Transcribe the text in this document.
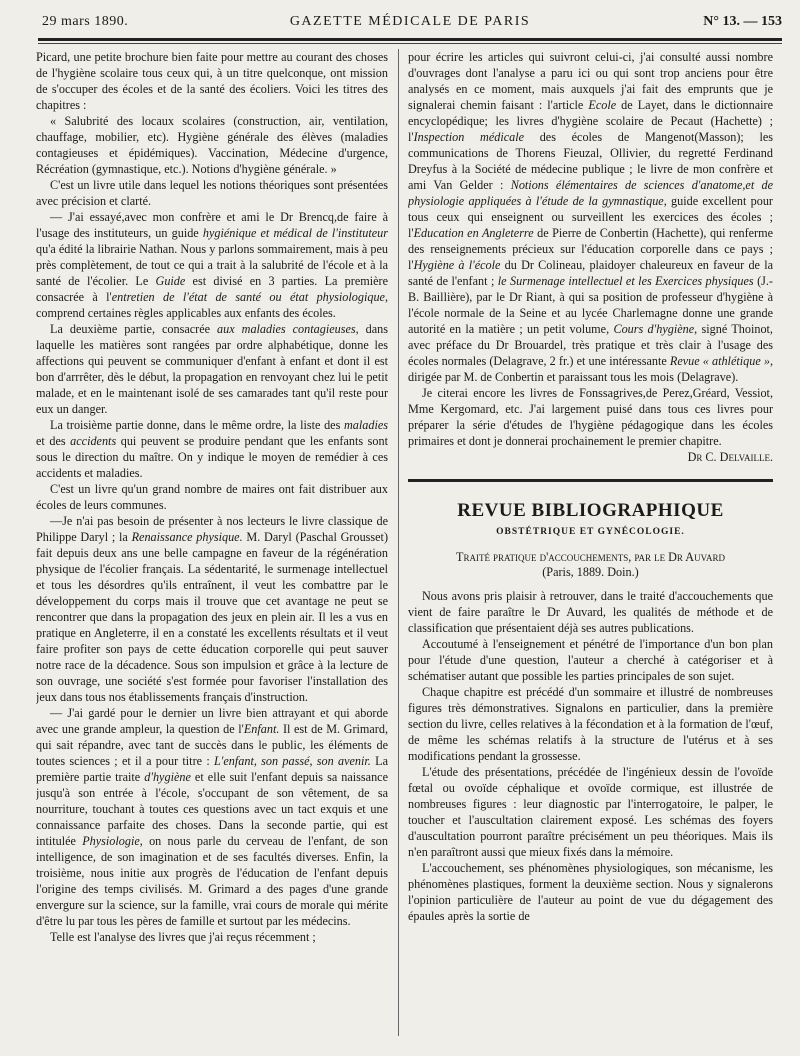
29 mars 1890.	GAZETTE MÉDICALE DE PARIS	N° 13. — 153

Picard, une petite brochure bien faite pour mettre au courant des choses de l'hygiène scolaire tous ceux qui, à un titre quelconque, ont mission de s'occuper des écoles et de la santé des écoliers. Voici les titres des chapitres :

« Salubrité des locaux scolaires (construction, air, ventilation, chauffage, mobilier, etc). Hygiène générale des élèves (maladies contagieuses et épidémiques). Vaccination, Médecine d'urgence, Récréation (gymnastique, etc.). Notions d'hygiène générale. »

C'est un livre utile dans lequel les notions théoriques sont présentées avec précision et clarté.

— J'ai essayé,avec mon confrère et ami le Dr Brencq,de faire à l'usage des instituteurs, un guide hygiénique et médical de l'instituteur qu'a édité la librairie Nathan. Nous y parlons sommairement, mais à peu près complètement, de tout ce qui a trait à la salubrité de l'école et à la santé de l'écolier. Le Guide est divisé en 3 parties. La première consacrée à l'entretien de l'état de santé ou état physiologique, comprend certaines règles applicables aux enfants des écoles.

La deuxième partie, consacrée aux maladies contagieuses, dans laquelle les matières sont rangées par ordre alphabétique, donne les affections qui peuvent se communiquer d'enfant à enfant et dont il est bon d'arrrêter, dès le début, la propagation en renvoyant chez lui le petit malade, et en le maintenant isolé de ses camarades tant qu'il reste pour eux un danger.

La troisième partie donne, dans le même ordre, la liste des maladies et des accidents qui peuvent se produire pendant que les enfants sont sous le direction du maître. On y indique le moyen de remédier à ces accidents et maladies.

C'est un livre qu'un grand nombre de maires ont fait distribuer aux écoles de leurs communes.

—Je n'ai pas besoin de présenter à nos lecteurs le livre classique de Philippe Daryl ; la Renaissance physique. M. Daryl (Paschal Grousset) fait depuis deux ans une belle campagne en faveur de la régénération physique de l'écolier français. La sédentarité, le surmenage intellectuel et tous les désordres qu'ils entraînent, il veut les combattre par le développement du corps mais il trouve que cet avantage ne peut se rencontrer que dans la propagation des jeux en plein air. Il les a vus en pratique en Angleterre, il en a constaté les excellents résultats et il veut faire profiter son pays de cette éducation corporelle qui peut sauver notre race de la décadence. Sous son impulsion et grâce à la lecture de son ouvrage, une société s'est formée pour favoriser l'installation des jeux dans tous nos établissements français d'instruction.

— J'ai gardé pour le dernier un livre bien attrayant et qui aborde avec une grande ampleur, la question de l'Enfant. Il est de M. Grimard, qui sait répandre, avec tant de succès dans le public, les éléments de toutes sciences ; et il a pour titre : L'enfant, son passé, son avenir. La première partie traite d'hygiène et elle suit l'enfant depuis sa naissance jusqu'à son entrée à l'école, s'occupant de son vêtement, de sa nourriture, touchant à toutes ces questions avec un tact exquis et une connaissance parfaite des choses. Dans la seconde partie, qui est intitulée Physiologie, on nous parle du cerveau de l'enfant, de son intelligence, de son imagination et de ses facultés diverses. Enfin, la troisième, nous initie aux progrès de l'éducation de l'enfant depuis l'origine des temps civilisés. M. Grimard a des pages d'une grande envergure sur la science, sur la famille, vrai cours de morale qui mérite d'être lu par tous les pères de famille et surtout par les médecins.

Telle est l'analyse des livres que j'ai reçus récemment ;

pour écrire les articles qui suivront celui-ci, j'ai consulté aussi nombre d'ouvrages dont l'analyse a paru ici ou qui sont trop anciens pour être analysés en ce moment, mais auxquels j'ai fait des emprunts que je signalerai chemin faisant : l'article Ecole de Layet, dans le dictionnaire encyclopédique; les livres d'hygiène scolaire de Pecaut (Hachette) ; l'Inspection médicale des écoles de Mangenot(Masson); les communications de Thorens Fieuzal, Ollivier, du regretté Ferdinand Dreyfus à la Société de médecine publique ; le livre de mon confrère et ami Van Gelder : Notions élémentaires de sciences d'anatome,et de physiologie appliquées à l'étude de la gymnastique, guide excellent pour tous ceux qui enseignent ou surveillent les exercices des écoles ; l'Education en Angleterre de Pierre de Conbertin (Hachette), qui renferme des renseignements précieux sur l'éducation corporelle dans ce pays ; l'Hygiène à l'école du Dr Colineau, plaidoyer chaleureux en faveur de la santé de l'enfant ; le Surmenage intellectuel et les Exercices physiques (J.-B. Baillière), par le Dr Riant, à qui sa position de professeur d'hygiène à l'école normale de la Seine et au lycée Charlemagne donne une grande autorité en la matière ; un petit volume, Cours d'hygiène, signé Thoinot, avec préface du Dr Brouardel, très pratique et très clair à l'usage des écoles normales (Delagrave, 2 fr.) et une intéressante Revue « athlétique », dirigée par M. de Conbertin et paraissant tous les mois (Delagrave).

Je citerai encore les livres de Fonssagrives,de Perez,Gréard, Vessiot, Mme Kergomard, etc. J'ai largement puisé dans tous ces livres pour préparer la série d'études de l'hygiène pédagogique dans les écoles primaires et dont je donnerai prochainement le premier chapitre.

Dr C. Delvaille.

REVUE BIBLIOGRAPHIQUE
OBSTÉTRIQUE ET GYNÉCOLOGIE.
Traité pratique d'accouchements, par le Dr Auvard
(Paris, 1889. Doin.)

Nous avons pris plaisir à retrouver, dans le traité d'accouchements que vient de faire paraître le Dr Auvard, les qualités de méthode et de classification que présentaient déjà ses autres publications.

Accoutumé à l'enseignement et pénétré de l'importance d'un bon plan pour l'étude d'une question, l'auteur a cherché à catégoriser et à schématiser autant que possible les parties principales de son sujet.

Chaque chapitre est précédé d'un sommaire et illustré de nombreuses figures très démonstratives. Signalons en particulier, dans la première section du livre, celles relatives à la fécondation et à la formation de l'œuf, de même les schémas relatifs à la structure de l'utérus et à ses modifications pendant la grossesse.

L'étude des présentations, précédée de l'ingénieux dessin de l'ovoïde fœtal ou ovoïde céphalique et ovoïde cormique, est illustrée de nombreuses figures : leur diagnostic par l'interrogatoire, le palper, le toucher et l'auscultation clairement exposé. Les schémas des foyers d'auscultation pourront paraître précisément un peu théoriques. Mais ils n'en paraîtront aussi que mieux fixés dans la mémoire.

L'accouchement, ses phénomènes physiologiques, son mécanisme, les phénomènes plastiques, forment la deuxième section. Nous y signalerons l'opinion particulière de l'auteur au point de vue du dégagement des épaules après la sortie de
